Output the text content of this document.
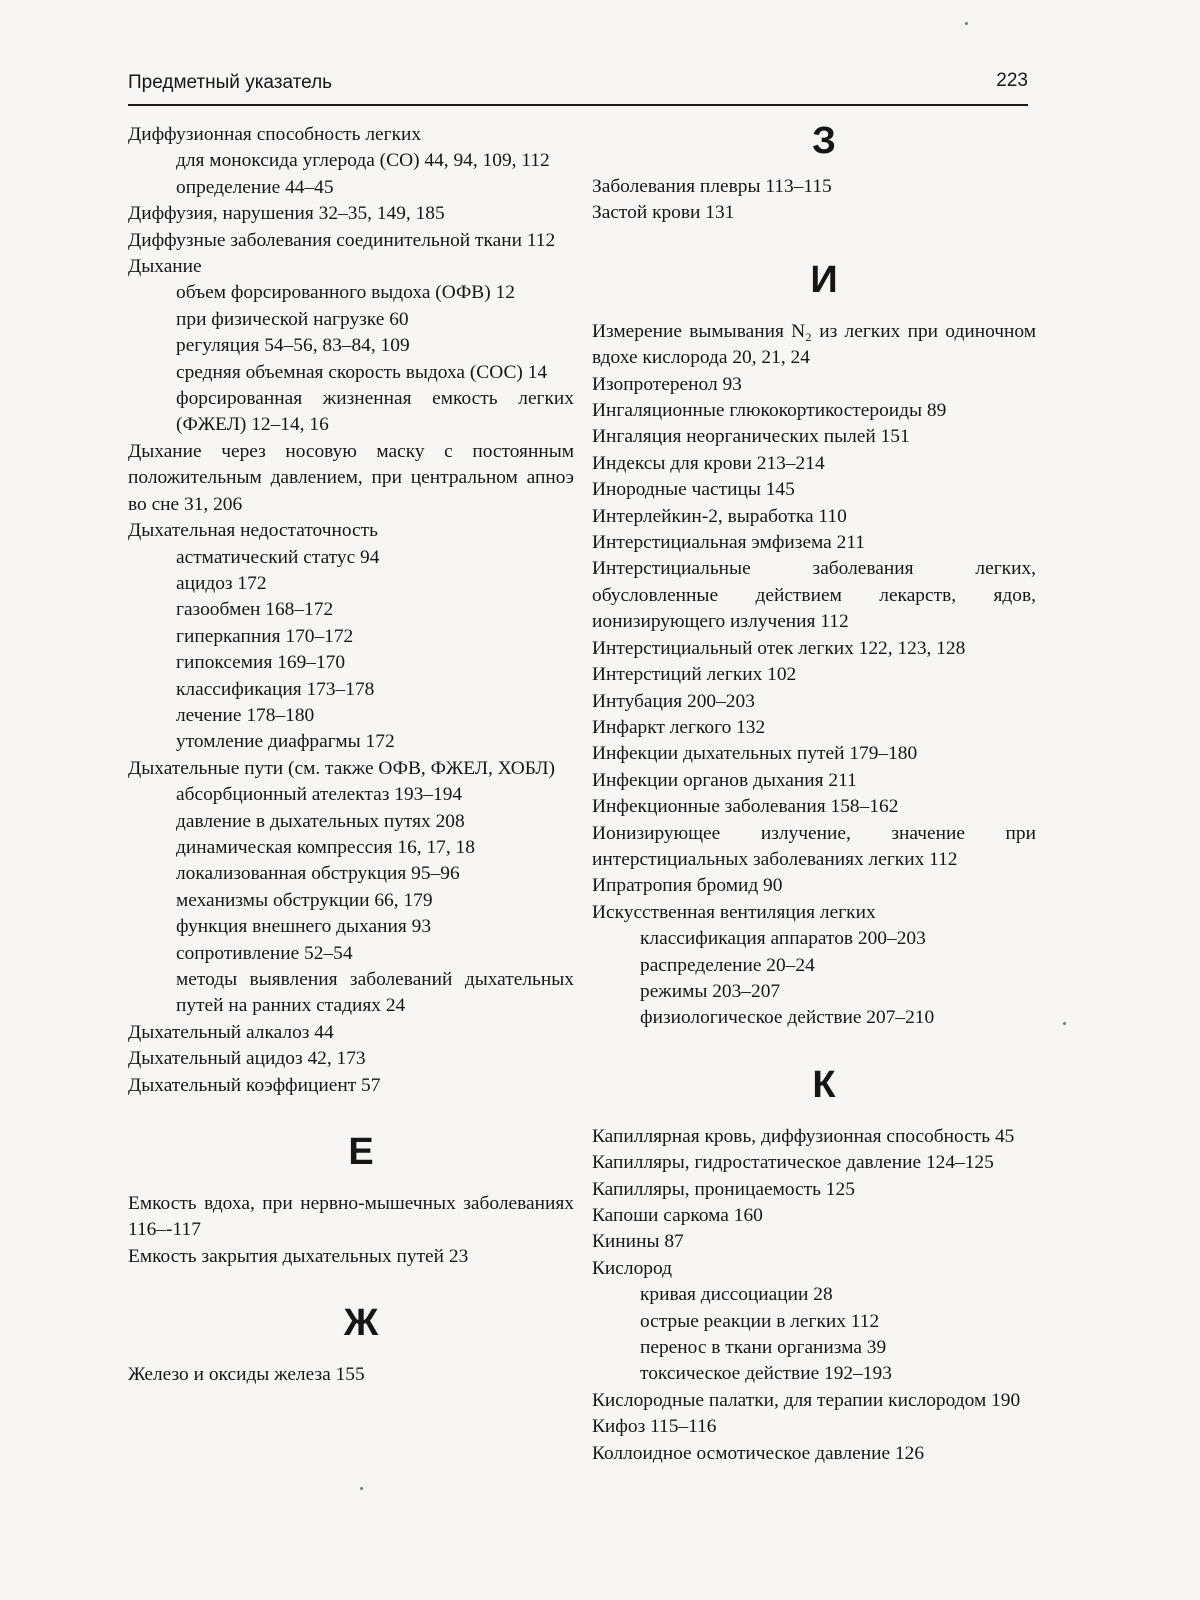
Предметный указатель	223
Диффузионная способность легких
для моноксида углерода (СО) 44, 94, 109, 112
определение 44–45
Диффузия, нарушения 32–35, 149, 185
Диффузные заболевания соединительной ткани 112
Дыхание
объем форсированного выдоха (ОФВ) 12
при физической нагрузке 60
регуляция 54–56, 83–84, 109
средняя объемная скорость выдоха (СОС) 14
форсированная жизненная емкость легких (ФЖЕЛ) 12–14, 16
Дыхание через носовую маску с постоянным положительным давлением, при центральном апноэ во сне 31, 206
Дыхательная недостаточность
астматический статус 94
ацидоз 172
газообмен 168–172
гиперкапния 170–172
гипоксемия 169–170
классификация 173–178
лечение 178–180
утомление диафрагмы 172
Дыхательные пути (см. также ОФВ, ФЖЕЛ, ХОБЛ)
абсорбционный ателектаз 193–194
давление в дыхательных путях 208
динамическая компрессия 16, 17, 18
локализованная обструкция 95–96
механизмы обструкции 66, 179
функция внешнего дыхания 93
сопротивление 52–54
методы выявления заболеваний дыхательных путей на ранних стадиях 24
Дыхательный алкалоз 44
Дыхательный ацидоз 42, 173
Дыхательный коэффициент 57
Е
Емкость вдоха, при нервно-мышечных заболеваниях 116–-117
Емкость закрытия дыхательных путей 23
Ж
Железо и оксиды железа 155
З
Заболевания плевры 113–115
Застой крови 131
И
Измерение вымывания N₂ из легких при одиночном вдохе кислорода 20, 21, 24
Изопротеренол 93
Ингаляционные глюкокортикостероиды 89
Ингаляция неорганических пылей 151
Индексы для крови 213–214
Инородные частицы 145
Интерлейкин-2, выработка 110
Интерстициальная эмфизема 211
Интерстициальные заболевания легких, обусловленные действием лекарств, ядов, ионизирующего излучения 112
Интерстициальный отек легких 122, 123, 128
Интерстиций легких 102
Интубация 200–203
Инфаркт легкого 132
Инфекции дыхательных путей 179–180
Инфекции органов дыхания 211
Инфекционные заболевания 158–162
Ионизирующее излучение, значение при интерстициальных заболеваниях легких 112
Ипратропия бромид 90
Искусственная вентиляция легких
классификация аппаратов 200–203
распределение 20–24
режимы 203–207
физиологическое действие 207–210
К
Капиллярная кровь, диффузионная способность 45
Капилляры, гидростатическое давление 124–125
Капилляры, проницаемость 125
Капоши саркома 160
Кинины 87
Кислород
кривая диссоциации 28
острые реакции в легких 112
перенос в ткани организма 39
токсическое действие 192–193
Кислородные палатки, для терапии кислородом 190
Кифоз 115–116
Коллоидное осмотическое давление 126
